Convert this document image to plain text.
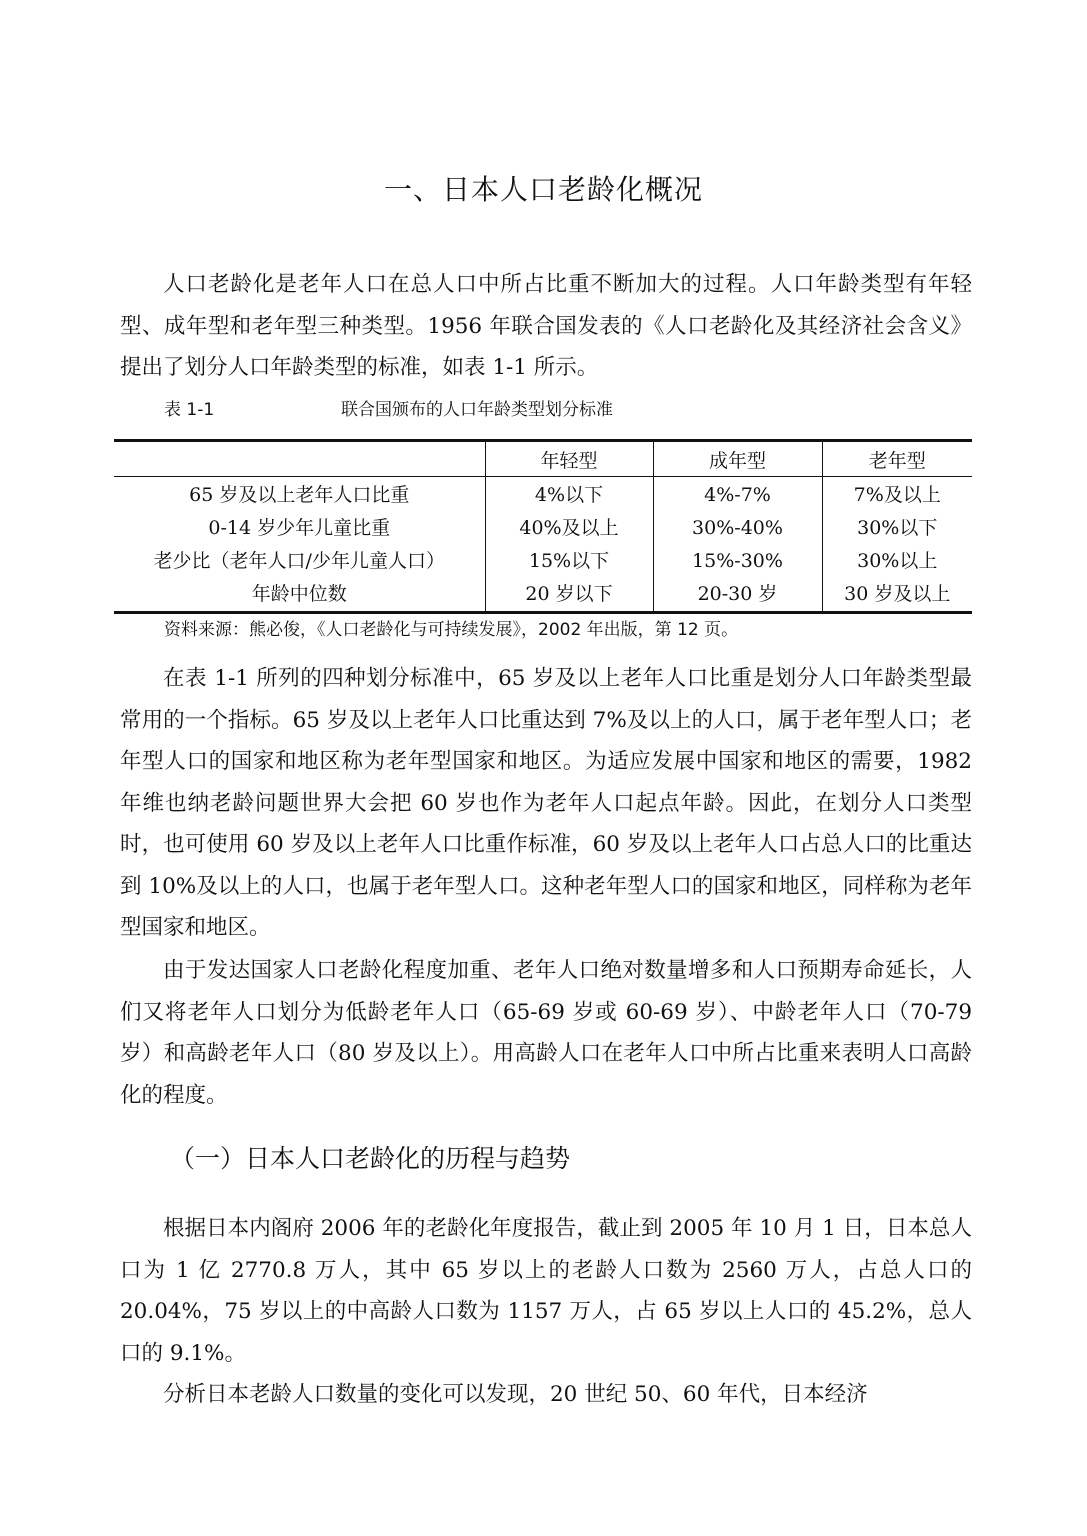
一、日本人口老龄化概况

人口老龄化是老年人口在总人口中所占比重不断加大的过程。人口年龄类型有年轻型、成年型和老年型三种类型。1956 年联合国发表的《人口老龄化及其经济社会含义》提出了划分人口年龄类型的标准，如表 1-1 所示。

表 1-1	联合国颁布的人口年龄类型划分标准
	年轻型	成年型	老年型
65 岁及以上老年人口比重	4%以下	4%-7%	7%及以上
0-14 岁少年儿童比重	40%及以上	30%-40%	30%以下
老少比（老年人口/少年儿童人口）	15%以下	15%-30%	30%以上
年龄中位数	20 岁以下	20-30 岁	30 岁及以上
资料来源：熊必俊，《人口老龄化与可持续发展》，2002 年出版，第 12 页。

在表 1-1 所列的四种划分标准中，65 岁及以上老年人口比重是划分人口年龄类型最常用的一个指标。65 岁及以上老年人口比重达到 7%及以上的人口，属于老年型人口；老年型人口的国家和地区称为老年型国家和地区。为适应发展中国家和地区的需要，1982 年维也纳老龄问题世界大会把 60 岁也作为老年人口起点年龄。因此，在划分人口类型时，也可使用 60 岁及以上老年人口比重作标准，60 岁及以上老年人口占总人口的比重达到 10%及以上的人口，也属于老年型人口。这种老年型人口的国家和地区，同样称为老年型国家和地区。

由于发达国家人口老龄化程度加重、老年人口绝对数量增多和人口预期寿命延长，人们又将老年人口划分为低龄老年人口（65-69 岁或 60-69 岁）、中龄老年人口（70-79 岁）和高龄老年人口（80 岁及以上）。用高龄人口在老年人口中所占比重来表明人口高龄化的程度。

（一）日本人口老龄化的历程与趋势

根据日本内阁府 2006 年的老龄化年度报告，截止到 2005 年 10 月 1 日，日本总人口为 1 亿 2770.8 万人，其中 65 岁以上的老龄人口数为 2560 万人，占总人口的 20.04%，75 岁以上的中高龄人口数为 1157 万人，占 65 岁以上人口的 45.2%，总人口的 9.1%。

分析日本老龄人口数量的变化可以发现，20 世纪 50、60 年代，日本经济
